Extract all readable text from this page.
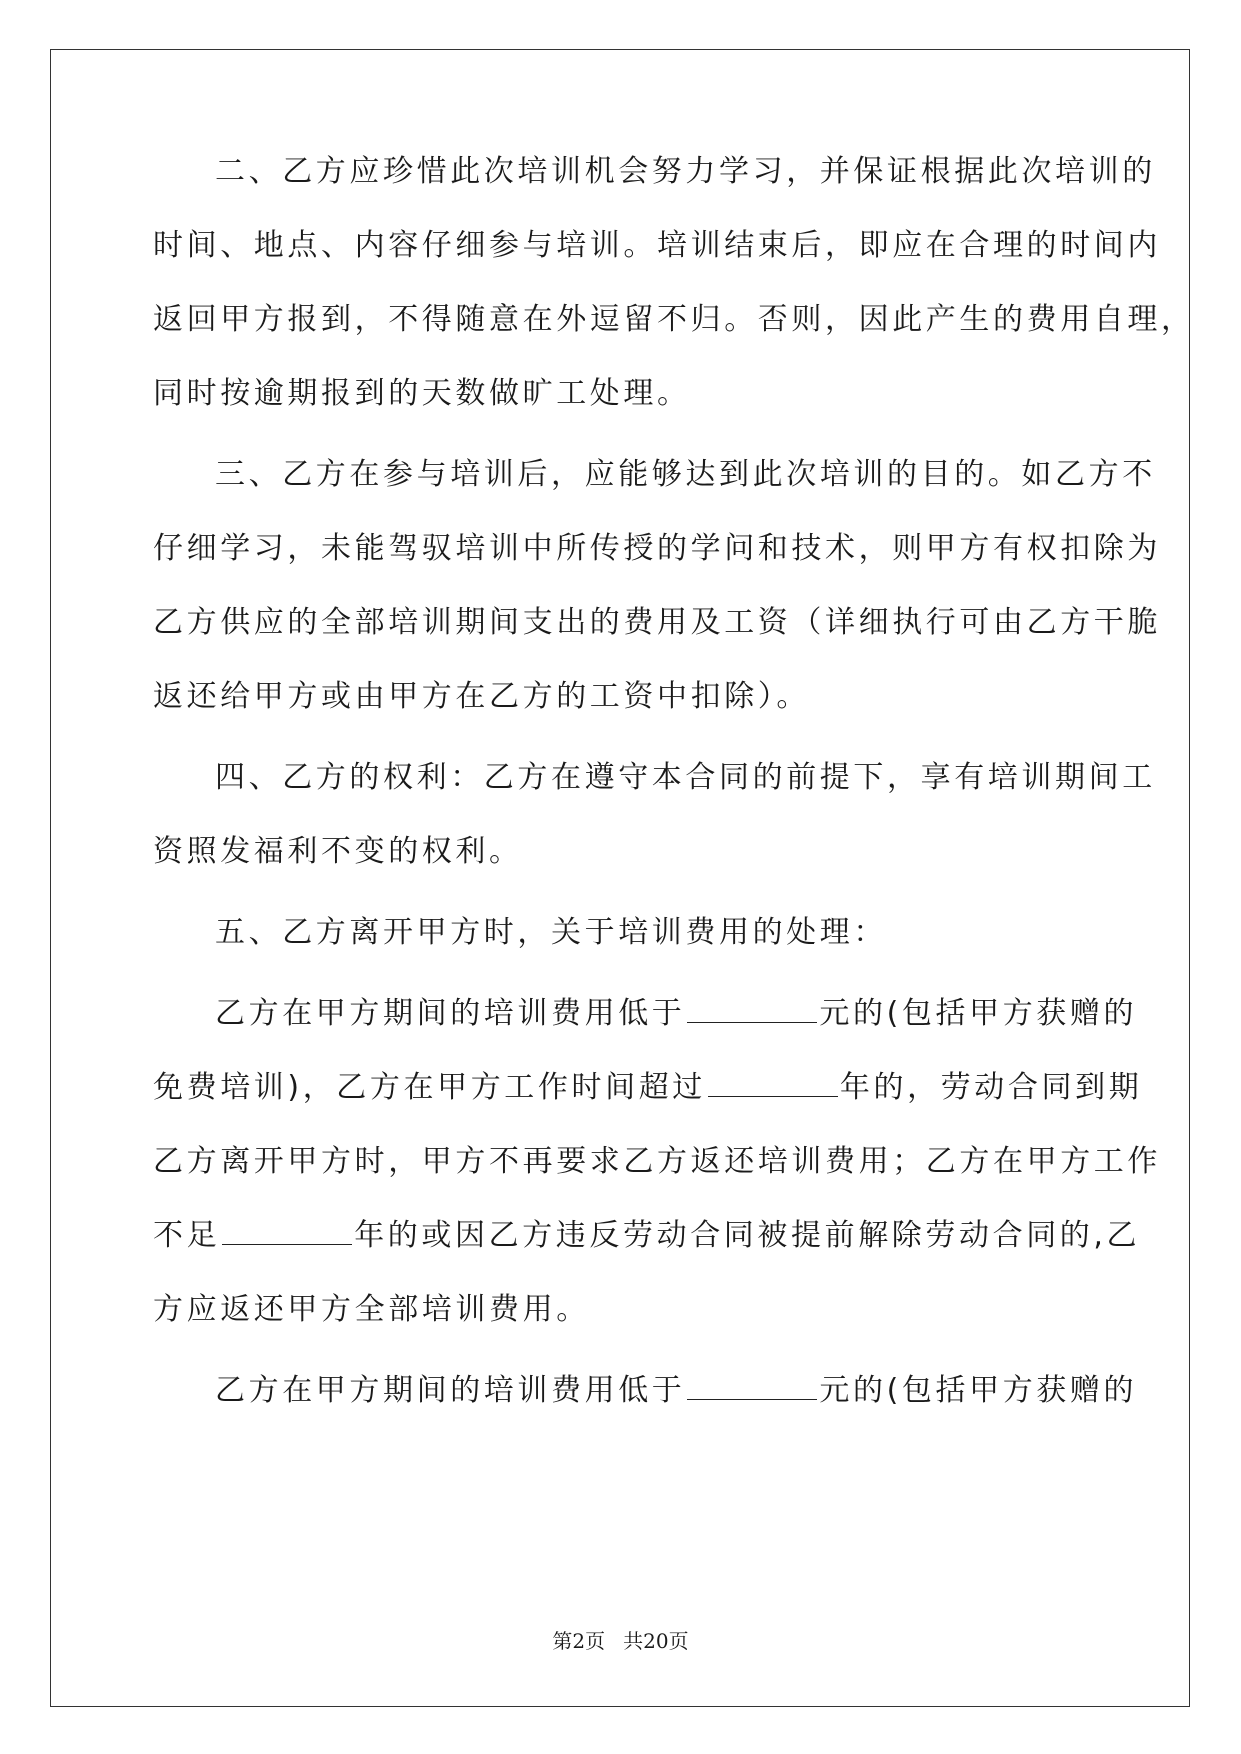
二、乙方应珍惜此次培训机会努力学习，并保证根据此次培训的
时间、地点、内容仔细参与培训。培训结束后，即应在合理的时间内
返回甲方报到，不得随意在外逗留不归。否则，因此产生的费用自理，
同时按逾期报到的天数做旷工处理。
三、乙方在参与培训后，应能够达到此次培训的目的。如乙方不
仔细学习，未能驾驭培训中所传授的学问和技术，则甲方有权扣除为
乙方供应的全部培训期间支出的费用及工资（详细执行可由乙方干脆
返还给甲方或由甲方在乙方的工资中扣除）。
四、乙方的权利：乙方在遵守本合同的前提下，享有培训期间工
资照发福利不变的权利。
五、乙方离开甲方时，关于培训费用的处理：
乙方在甲方期间的培训费用低于	元的(包括甲方获赠的
免费培训)，乙方在甲方工作时间超过	年的，劳动合同到期
乙方离开甲方时，甲方不再要求乙方返还培训费用；乙方在甲方工作
不足	年的或因乙方违反劳动合同被提前解除劳动合同的,乙
方应返还甲方全部培训费用。
乙方在甲方期间的培训费用低于	元的(包括甲方获赠的
第2页 共20页
